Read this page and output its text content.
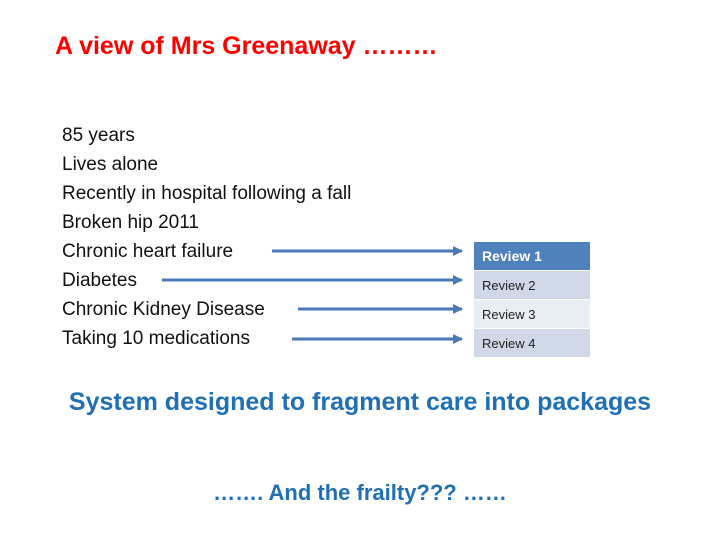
A view of Mrs Greenaway ………
85 years
Lives alone
Recently in hospital following a fall
Broken hip 2011
Chronic heart failure
Diabetes
Chronic Kidney Disease
Taking 10 medications
Review 1
Review 2
Review 3
Review 4

System designed to fragment care into packages

……. And the frailty??? ……
